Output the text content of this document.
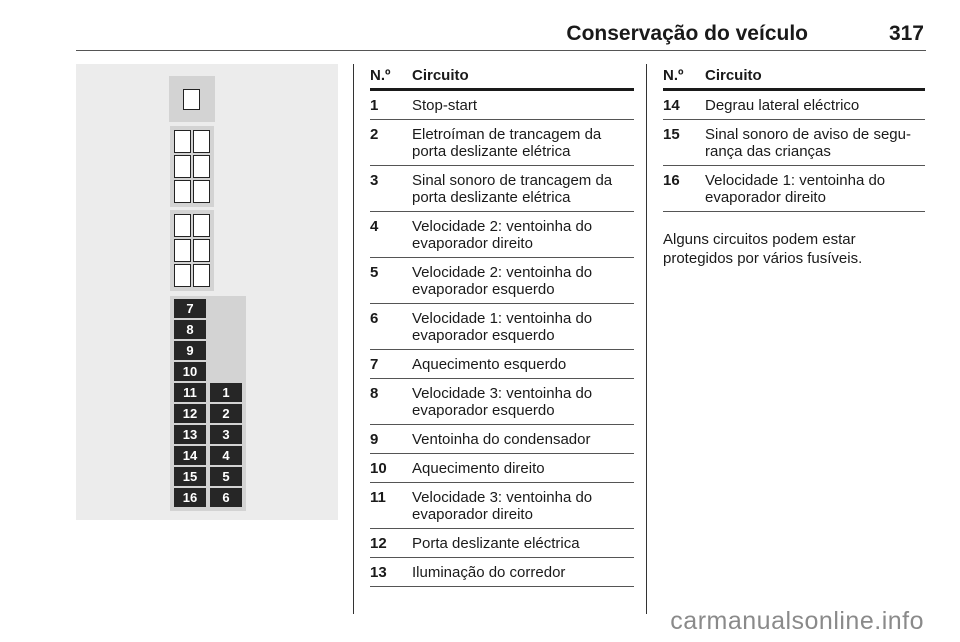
Conservação do veículo	317
7
8
9
10
11
12
13
14
15
16
1
2
3
4
5
6
N.º	Circuito
1	Stop-start
2	Eletroíman de trancagem da porta deslizante elétrica
3	Sinal sonoro de trancagem da porta deslizante elétrica
4	Velocidade 2: ventoinha do evaporador direito
5	Velocidade 2: ventoinha do evaporador esquerdo
6	Velocidade 1: ventoinha do evaporador esquerdo
7	Aquecimento esquerdo
8	Velocidade 3: ventoinha do evaporador esquerdo
9	Ventoinha do condensador
10	Aquecimento direito
11	Velocidade 3: ventoinha do evaporador direito
12	Porta deslizante eléctrica
13	Iluminação do corredor
N.º	Circuito
14	Degrau lateral eléctrico
15	Sinal sonoro de aviso de segu-rança das crianças
16	Velocidade 1: ventoinha do evaporador direito
Alguns circuitos podem estar protegidos por vários fusíveis.
carmanualsonline.info
